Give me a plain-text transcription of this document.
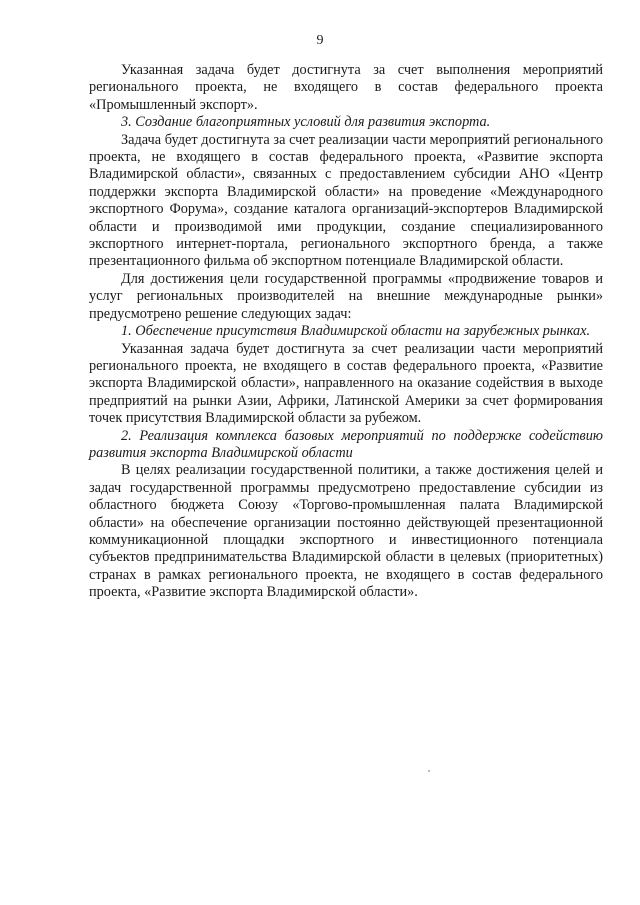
9

Указанная задача будет достигнута за счет выполнения мероприятий регионального проекта, не входящего в состав федерального проекта «Промышленный экспорт».

3. Создание благоприятных условий для развития экспорта.

Задача будет достигнута за счет реализации части мероприятий регионального проекта, не входящего в состав федерального проекта, «Развитие экспорта Владимирской области», связанных с предоставлением субсидии АНО «Центр поддержки экспорта Владимирской области» на проведение «Международного экспортного Форума», создание каталога организаций-экспортеров Владимирской области и производимой ими продукции, создание специализированного экспортного интернет-портала, регионального экспортного бренда, а также презентационного фильма об экспортном потенциале Владимирской области.

Для достижения цели государственной программы «продвижение товаров и услуг региональных производителей на внешние международные рынки» предусмотрено решение следующих задач:

1. Обеспечение присутствия Владимирской области на зарубежных рынках.

Указанная задача будет достигнута за счет реализации части мероприятий регионального проекта, не входящего в состав федерального проекта, «Развитие экспорта Владимирской области», направленного на оказание содействия в выходе предприятий на рынки Азии, Африки, Латинской Америки за счет формирования точек присутствия Владимирской области за рубежом.

2. Реализация комплекса базовых мероприятий по поддержке содействию развития экспорта Владимирской области

В целях реализации государственной политики, а также достижения целей и задач государственной программы предусмотрено предоставление субсидии из областного бюджета Союзу «Торгово-промышленная палата Владимирской области» на обеспечение организации постоянно действующей презентационной коммуникационной площадки экспортного и инвестиционного потенциала субъектов предпринимательства Владимирской области в целевых (приоритетных) странах в рамках регионального проекта, не входящего в состав федерального проекта, «Развитие экспорта Владимирской области».
